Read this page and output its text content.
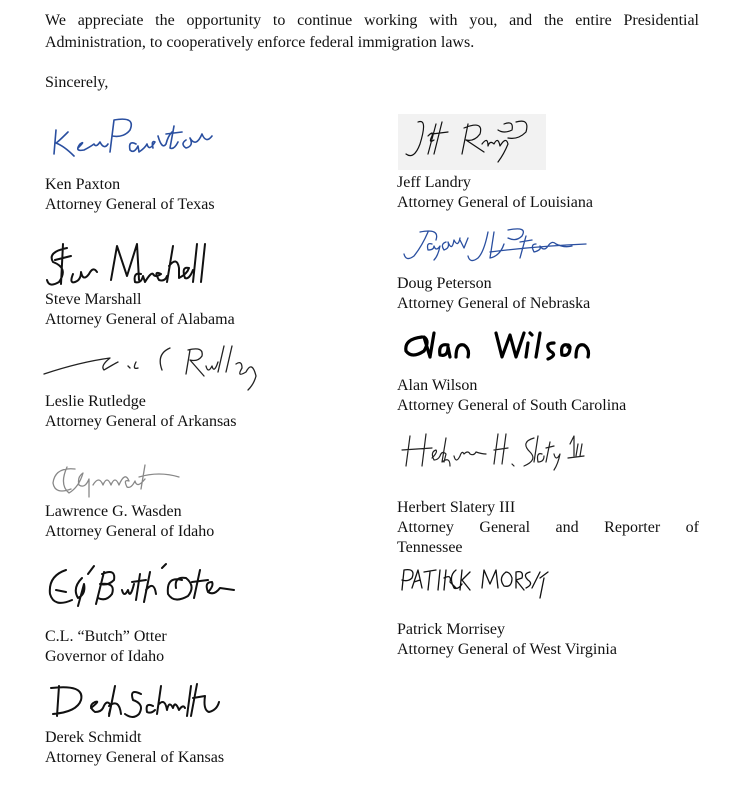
We appreciate the opportunity to continue working with you, and the entire Presidential Administration, to cooperatively enforce federal immigration laws.

Sincerely,

Ken Paxton
Attorney General of Texas
Steve Marshall
Attorney General of Alabama
Leslie Rutledge
Attorney General of Arkansas
Lawrence G. Wasden
Attorney General of Idaho
C.L. “Butch” Otter
Governor of Idaho
Derek Schmidt
Attorney General of Kansas
Jeff Landry
Attorney General of Louisiana
Doug Peterson
Attorney General of Nebraska
Alan Wilson
Attorney General of South Carolina
Herbert Slatery III
Attorney General and Reporter of
Tennessee
Patrick Morrisey
Attorney General of West Virginia
